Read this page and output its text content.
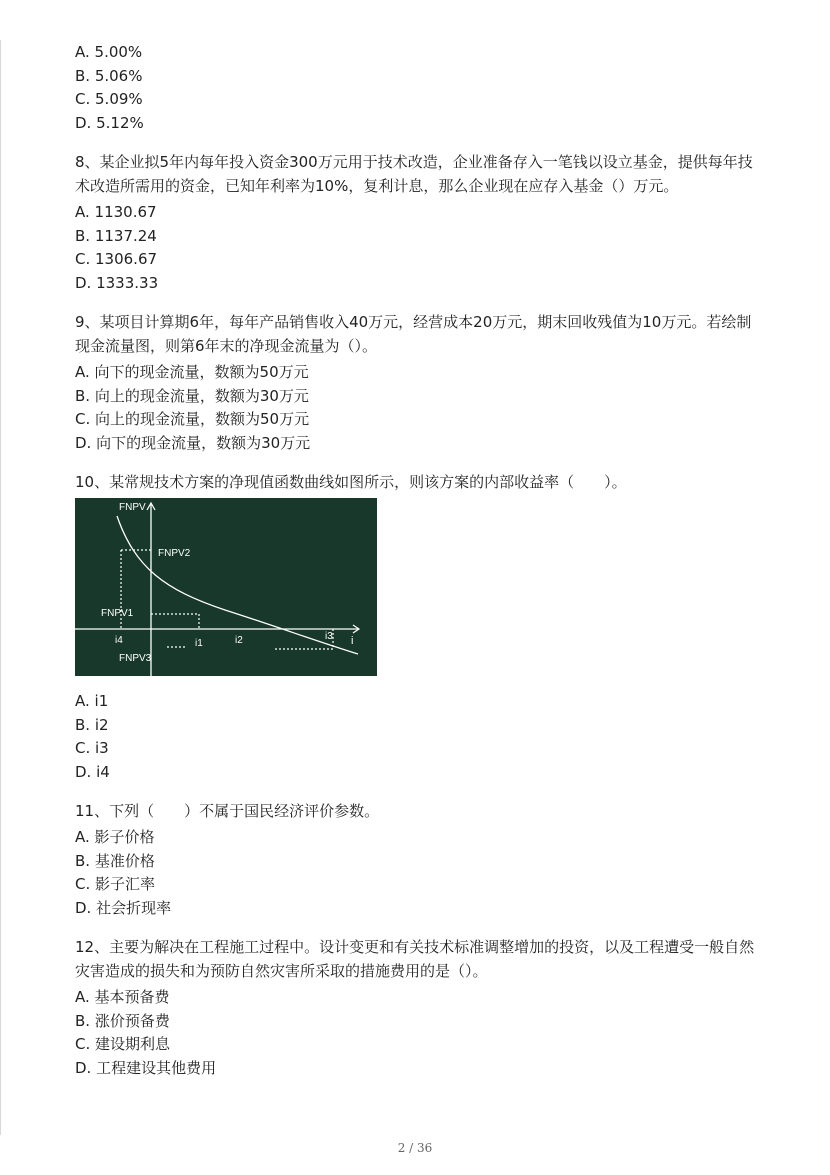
A. 5.00%
B. 5.06%
C. 5.09%
D. 5.12%
8、某企业拟5年内每年投入资金300万元用于技术改造，企业准备存入一笔钱以设立基金，提供每年技术改造所需用的资金，已知年利率为10%，复利计息，那么企业现在应存入基金（）万元。
A. 1130.67
B. 1137.24
C. 1306.67
D. 1333.33
9、某项目计算期6年，每年产品销售收入40万元，经营成本20万元，期末回收残值为10万元。若绘制现金流量图，则第6年末的净现金流量为（）。
A. 向下的现金流量，数额为50万元
B. 向上的现金流量，数额为30万元
C. 向上的现金流量，数额为50万元
D. 向下的现金流量，数额为30万元
10、某常规技术方案的净现值函数曲线如图所示，则该方案的内部收益率（　　）。
FNPV
i
FNPV2
FNPV1
FNPV3
i4	i1	i2	i3
A. i1
B. i2
C. i3
D. i4
11、下列（　　）不属于国民经济评价参数。
A. 影子价格
B. 基准价格
C. 影子汇率
D. 社会折现率
12、主要为解决在工程施工过程中。设计变更和有关技术标准调整增加的投资，以及工程遭受一般自然灾害造成的损失和为预防自然灾害所采取的措施费用的是（）。
A. 基本预备费
B. 涨价预备费
C. 建设期利息
D. 工程建设其他费用
2 / 36
